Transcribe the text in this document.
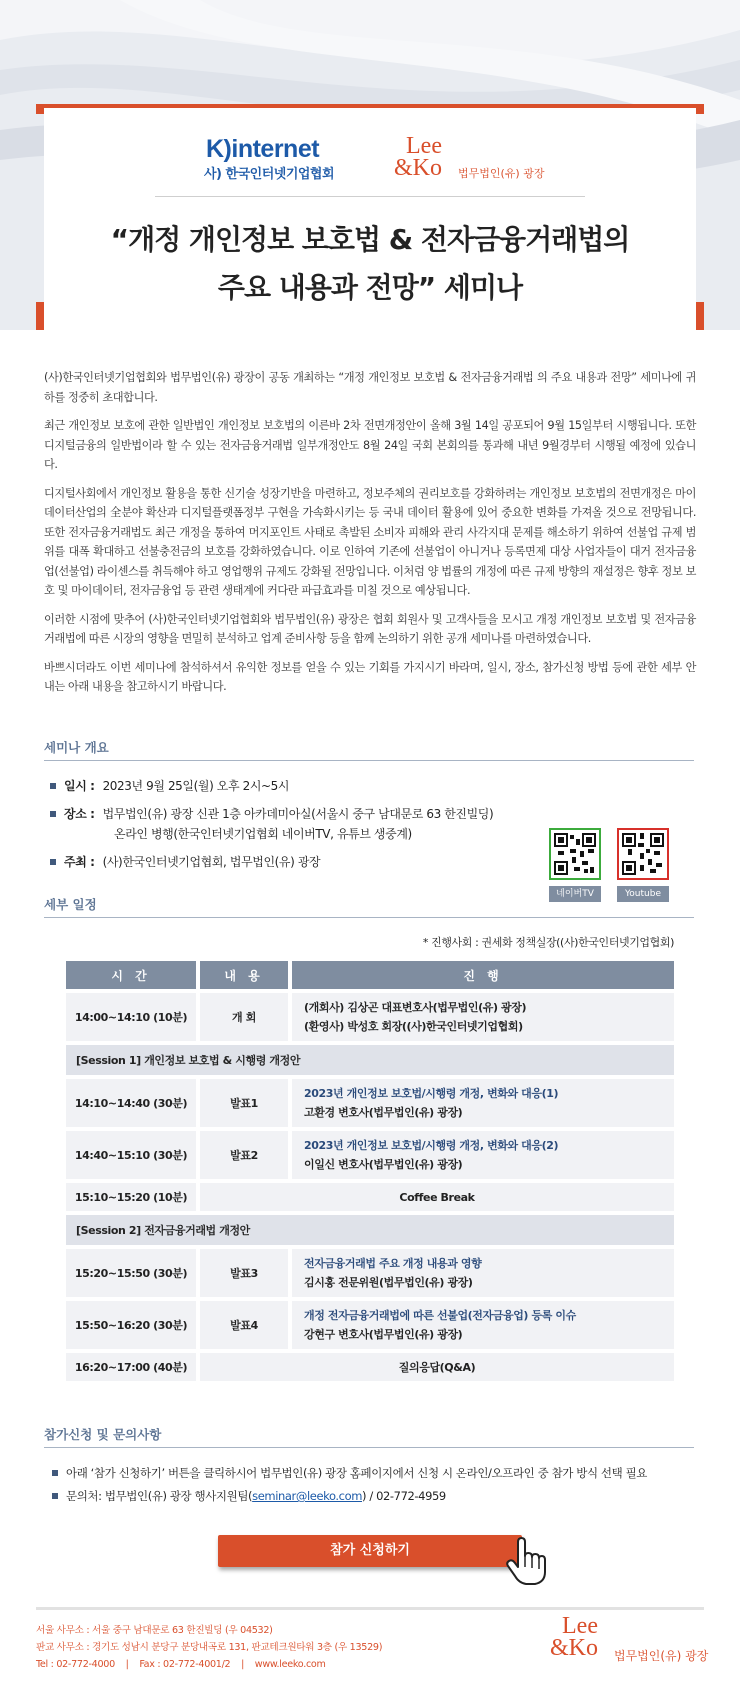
K)internet
사) 한국인터넷기업협회
Lee
&Ko 법무법인(유) 광장
“개정 개인정보 보호법 & 전자금융거래법의
주요 내용과 전망” 세미나

(사)한국인터넷기업협회와 법무법인(유) 광장이 공동 개최하는 “개정 개인정보 보호법 & 전자금융거래법 의 주요 내용과 전망” 세미나에 귀하를 정중히 초대합니다.

최근 개인정보 보호에 관한 일반법인 개인정보 보호법의 이른바 2차 전면개정안이 올해 3월 14일 공포되어 9월 15일부터 시행됩니다. 또한 디지털금융의 일반법이라 할 수 있는 전자금융거래법 일부개정안도 8월 24일 국회 본회의를 통과해 내년 9월경부터 시행될 예정에 있습니다.

디지털사회에서 개인정보 활용을 통한 신기술 성장기반을 마련하고, 정보주체의 권리보호를 강화하려는 개인정보 보호법의 전면개정은 마이데이터산업의 全분야 확산과 디지털플랫폼정부 구현을 가속화시키는 등 국내 데이터 활용에 있어 중요한 변화를 가져올 것으로 전망됩니다. 또한 전자금융거래법도 최근 개정을 통하여 머지포인트 사태로 촉발된 소비자 피해와 관리 사각지대 문제를 해소하기 위하여 선불업 규제 범위를 대폭 확대하고 선불충전금의 보호를 강화하였습니다. 이로 인하여 기존에 선불업이 아니거나 등록면제 대상 사업자들이 대거 전자금융업(선불업) 라이센스를 취득해야 하고 영업행위 규제도 강화될 전망입니다. 이처럼 양 법률의 개정에 따른 규제 방향의 재설정은 향후 정보 보호 및 마이데이터, 전자금융업 등 관련 생태계에 커다란 파급효과를 미칠 것으로 예상됩니다.

이러한 시점에 맞추어 (사)한국인터넷기업협회와 법무법인(유) 광장은 협회 회원사 및 고객사들을 모시고 개정 개인정보 보호법 및 전자금융거래법에 따른 시장의 영향을 면밀히 분석하고 업계 준비사항 등을 함께 논의하기 위한 공개 세미나를 마련하였습니다.

바쁘시더라도 이번 세미나에 참석하셔서 유익한 정보를 얻을 수 있는 기회를 가지시기 바라며, 일시, 장소, 참가신청 방법 등에 관한 세부 안내는 아래 내용을 참고하시기 바랍니다.

세미나 개요
일시 : 2023년 9월 25일(월) 오후 2시~5시
장소 : 법무법인(유) 광장 신관 1층 아카데미아실(서울시 중구 남대문로 63 한진빌딩)
온라인 병행(한국인터넷기업협회 네이버TV, 유튜브 생중계)
주최 : (사)한국인터넷기업협회, 법무법인(유) 광장
네이버TV	Youtube
세부 일정
* 진행사회 : 권세화 정책실장((사)한국인터넷기업협회)
시 간	내 용	진 행
14:00~14:10 (10분)	개 회	(개회사) 김상곤 대표변호사(법무법인(유) 광장)
(환영사) 박성호 회장((사)한국인터넷기업협회)

[Session 1] 개인정보 보호법 & 시행령 개정안		
14:10~14:40 (30분)	발표1	2023년 개인정보 보호법/시행령 개정, 변화와 대응(1)
고환경 변호사(법무법인(유) 광장)

14:40~15:10 (30분)	발표2	2023년 개인정보 보호법/시행령 개정, 변화와 대응(2)
이일신 변호사(법무법인(유) 광장)

15:10~15:20 (10분)	Coffee Break	
[Session 2] 전자금융거래법 개정안		
15:20~15:50 (30분)	발표3	전자금융거래법 주요 개정 내용과 영향
김시홍 전문위원(법무법인(유) 광장)

15:50~16:20 (30분)	발표4	개정 전자금융거래법에 따른 선불업(전자금융업) 등록 이슈
강현구 변호사(법무법인(유) 광장)

16:20~17:00 (40분)	질의응답(Q&A)	
참가신청 및 문의사항
아래 ‘참가 신청하기’ 버튼을 클릭하시어 법무법인(유) 광장 홈페이지에서 신청 시 온라인/오프라인 중 참가 방식 선택 필요
문의처: 법무법인(유) 광장 행사지원팀(seminar@leeko.com) / 02-772-4959
참가 신청하기
서울 사무소 : 서울 중구 남대문로 63 한진빌딩 (우 04532)
판교 사무소 : 경기도 성남시 분당구 분당내곡로 131, 판교테크원타워 3층 (우 13529)
Tel : 02-772-4000 | Fax : 02-772-4001/2 | www.leeko.com
Lee
&Ko 법무법인(유) 광장
